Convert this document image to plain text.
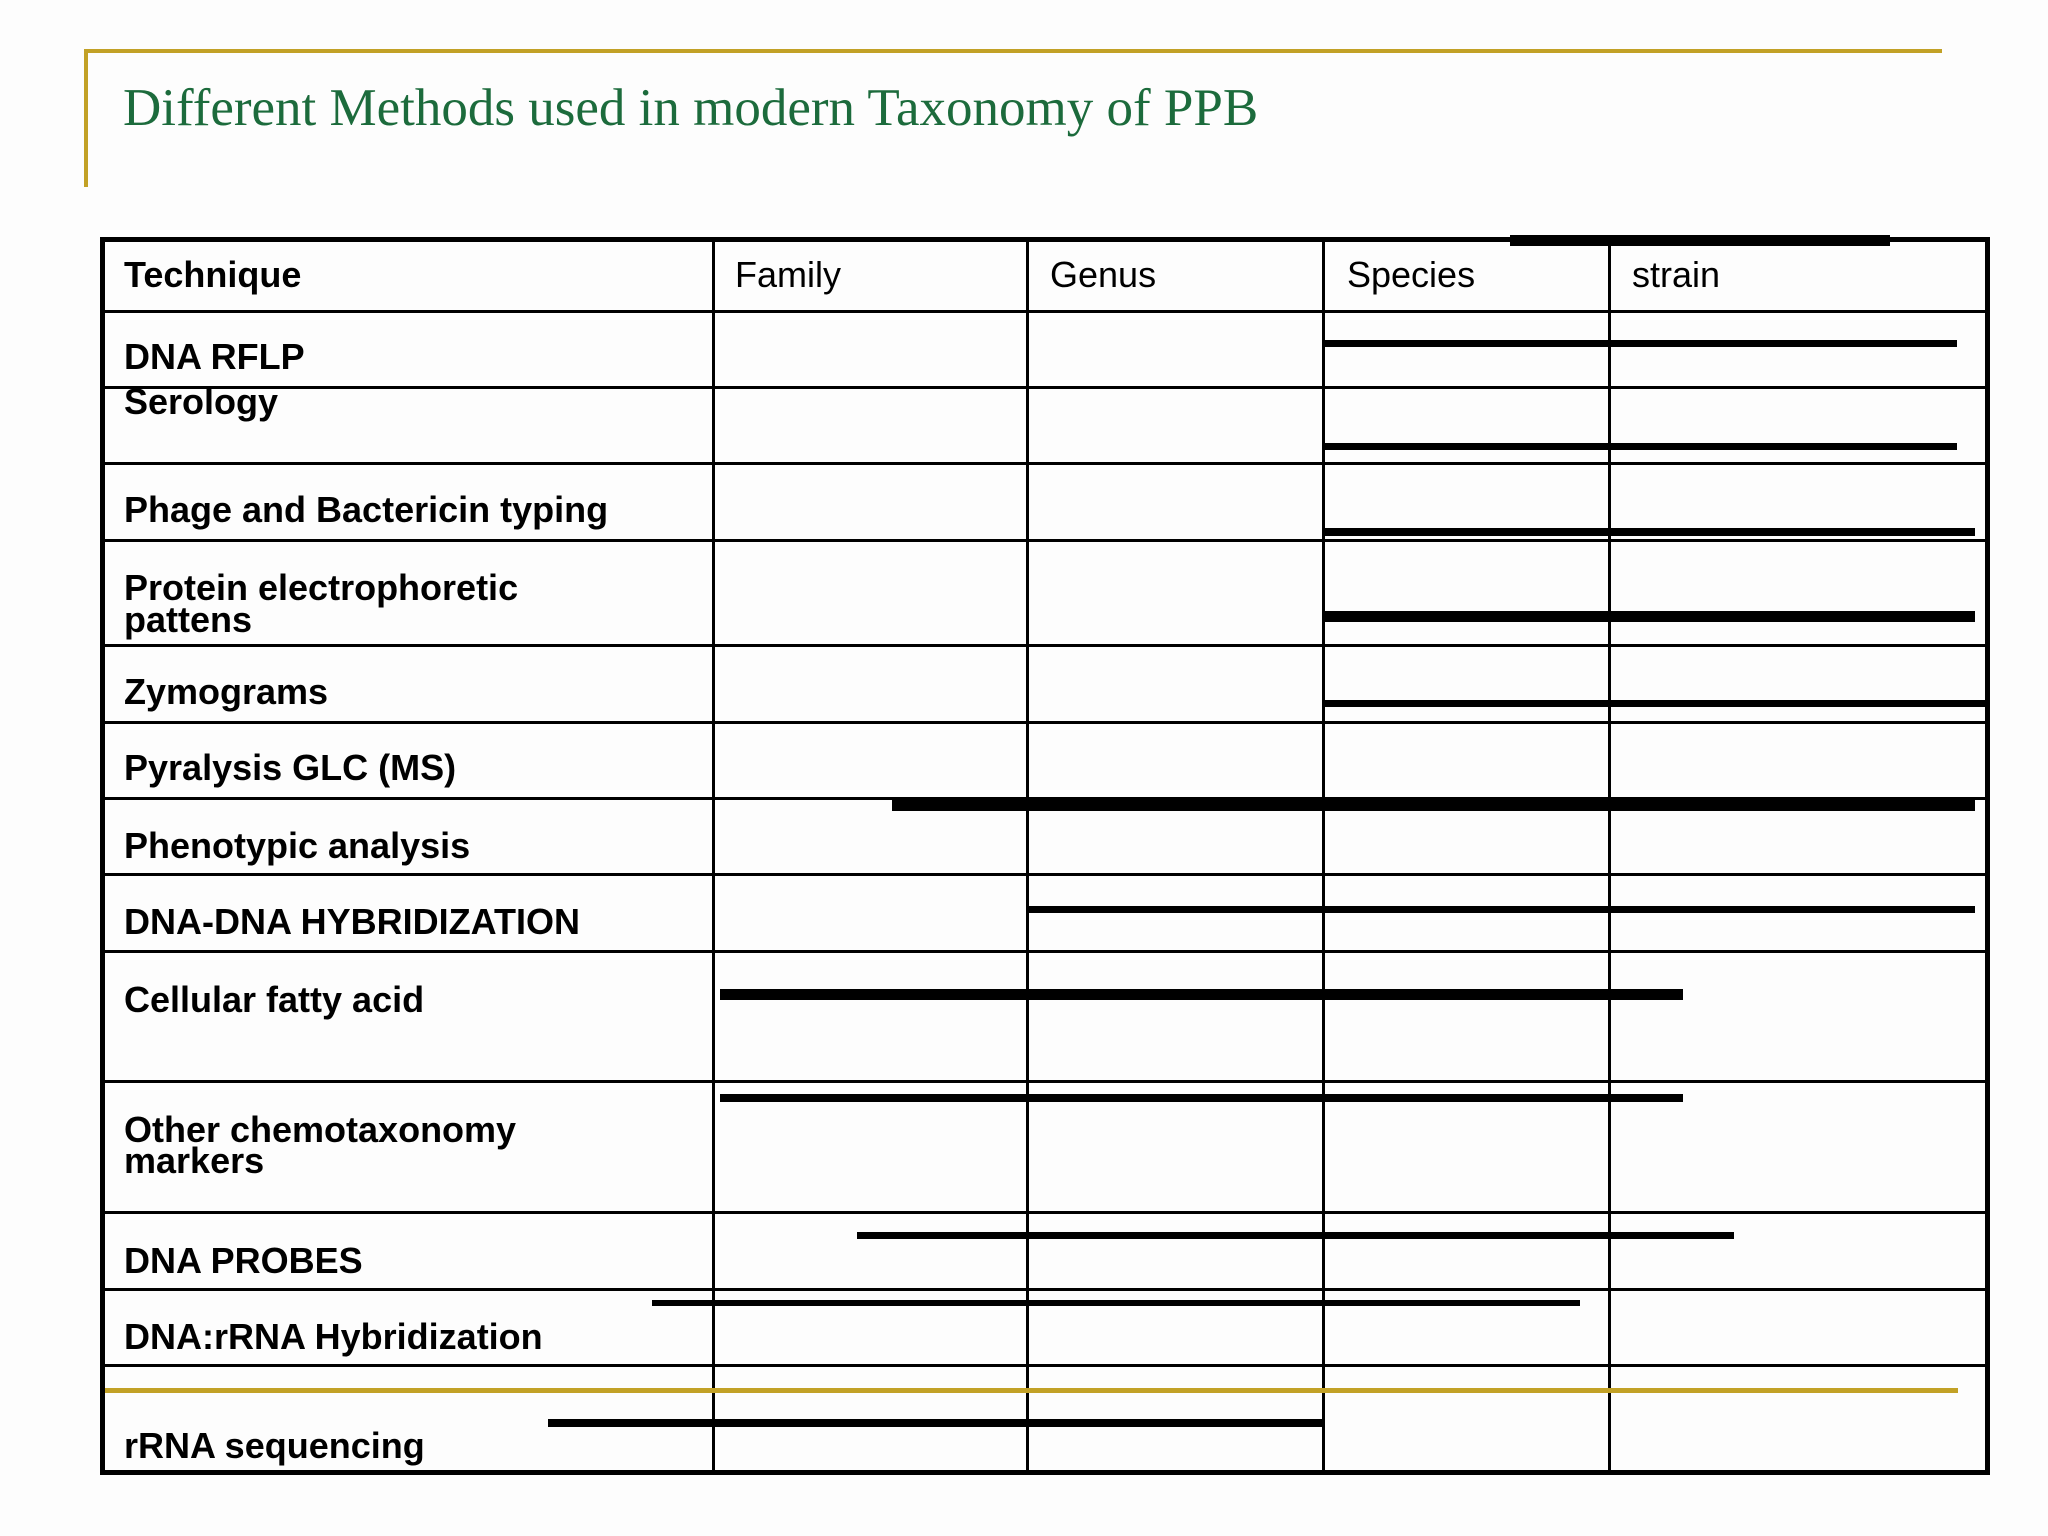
Different Methods used in modern Taxonomy of PPB
Technique	Family	Genus	Species	strain
DNA RFLP
Serology
Phage and Bactericin typing
Protein electrophoretic
pattens
Zymograms
Pyralysis GLC (MS)
Phenotypic analysis
DNA-DNA HYBRIDIZATION
Cellular fatty acid
Other chemotaxonomy
markers
DNA PROBES
DNA:rRNA Hybridization
rRNA sequencing
